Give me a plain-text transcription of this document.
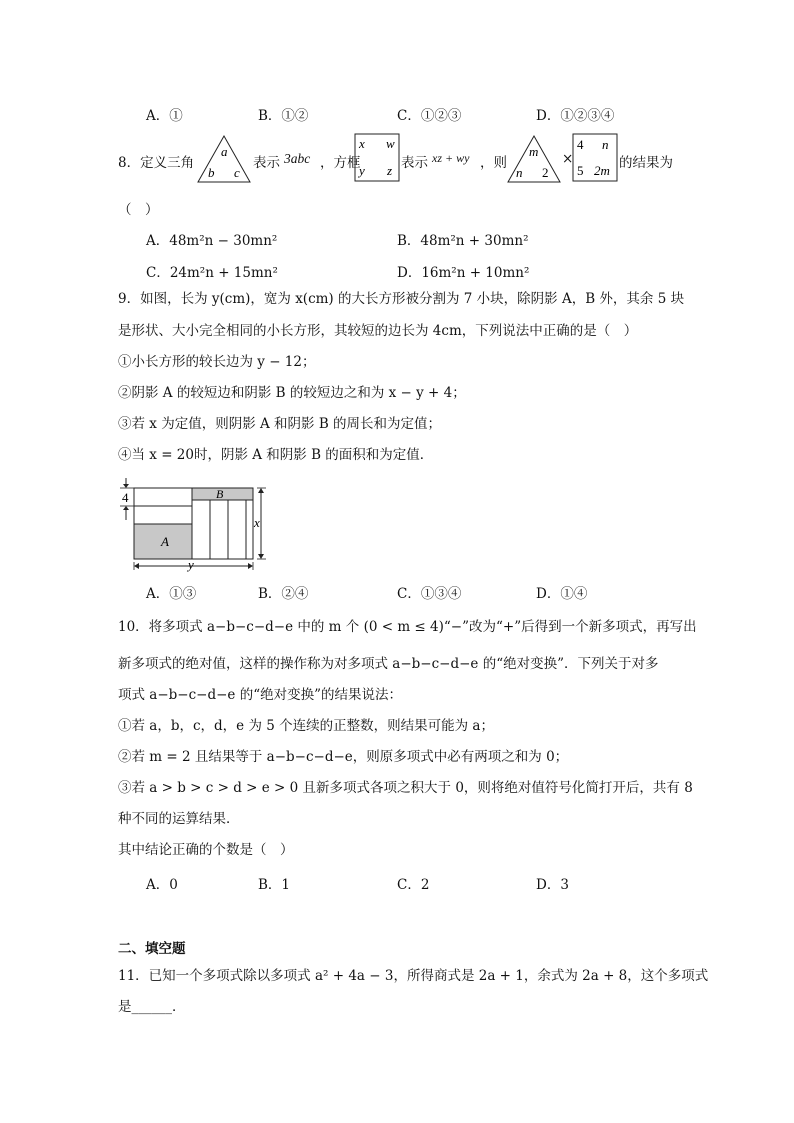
A．①	B．①②	C．①②③	D．①②③④
8．定义三角
a
b c
表示 3abc ，方框
x w
y z 表示 xz + wy ，则
m
n 2
×
4 n
5 2m 的结果为
（　）
A．48m²n − 30mn²	B．48m²n + 30mn²
C．24m²n + 15mn²	D．16m²n + 10mn²
9．如图，长为 y(cm)，宽为 x(cm) 的大长方形被分割为 7 小块，除阴影 A，B 外，其余 5 块
是形状、大小完全相同的小长方形，其较短的边长为 4cm，下列说法中正确的是（　）
①小长方形的较长边为 y − 12；
②阴影 A 的较短边和阴影 B 的较短边之和为 x − y + 4；
③若 x 为定值，则阴影 A 和阴影 B 的周长和为定值；
④当 x = 20时，阴影 A 和阴影 B 的面积和为定值．
4

x
y
A
B
A．①③	B．②④	C．①③④	D．①④
10．将多项式 a−b−c−d−e 中的 m 个 (0 < m ≤ 4)“−”改为“+”后得到一个新多项式，再写出
新多项式的绝对值，这样的操作称为对多项式 a−b−c−d−e 的“绝对变换”．下列关于对多
项式 a−b−c−d−e 的“绝对变换”的结果说法：
①若 a，b，c，d，e 为 5 个连续的正整数，则结果可能为 a；
②若 m = 2 且结果等于 a−b−c−d−e，则原多项式中必有两项之和为 0；
③若 a > b > c > d > e > 0 且新多项式各项之积大于 0，则将绝对值符号化简打开后，共有 8
种不同的运算结果．
其中结论正确的个数是（　）
A．0	B．1	C．2	D．3
二、填空题
11．已知一个多项式除以多项式 a² + 4a − 3，所得商式是 2a + 1，余式为 2a + 8，这个多项式
是______．
